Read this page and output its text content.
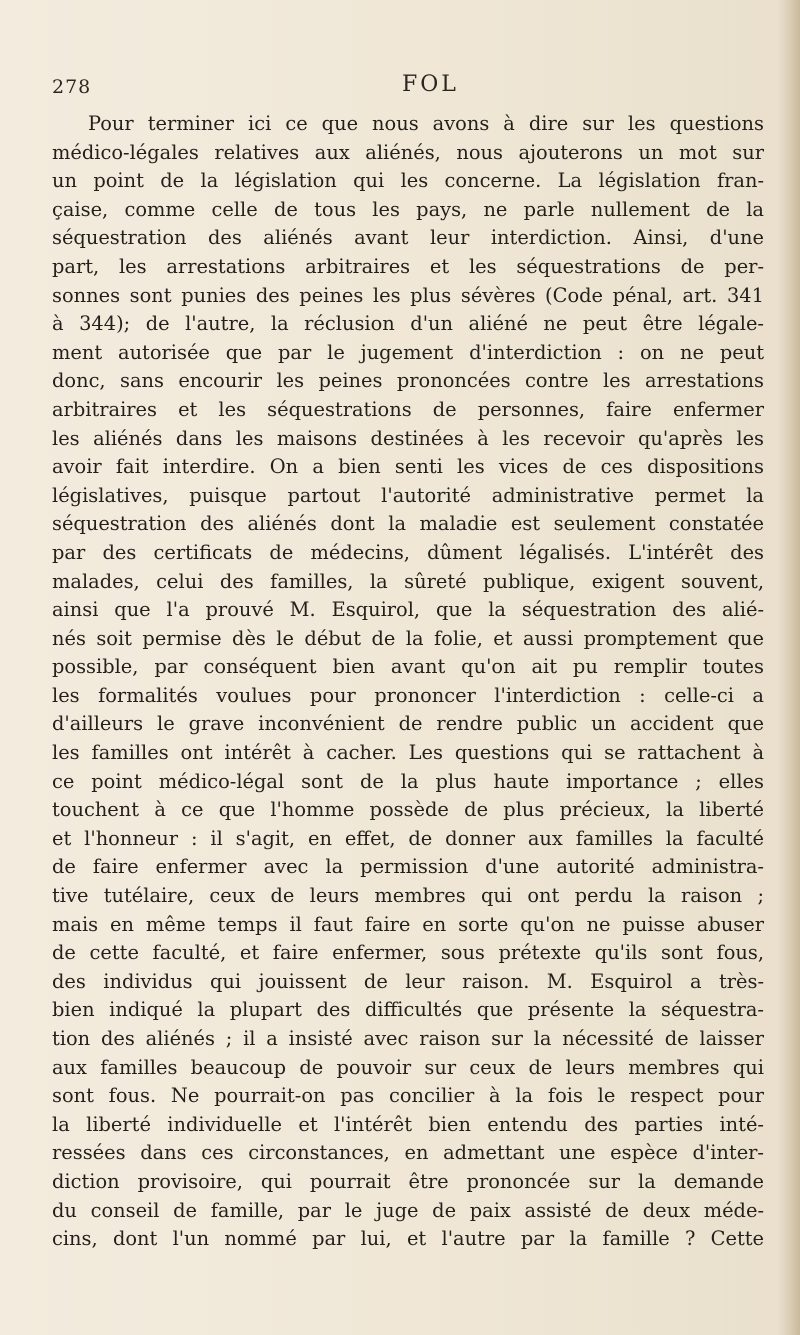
278	FOL
Pour terminer ici ce que nous avons à dire sur les questions
médico-légales relatives aux aliénés, nous ajouterons un mot sur
un point de la législation qui les concerne. La législation fran-
çaise, comme celle de tous les pays, ne parle nullement de la
séquestration des aliénés avant leur interdiction. Ainsi, d'une
part, les arrestations arbitraires et les séquestrations de per-
sonnes sont punies des peines les plus sévères (Code pénal, art. 341
à 344); de l'autre, la réclusion d'un aliéné ne peut être légale-
ment autorisée que par le jugement d'interdiction : on ne peut
donc, sans encourir les peines prononcées contre les arrestations
arbitraires et les séquestrations de personnes, faire enfermer
les aliénés dans les maisons destinées à les recevoir qu'après les
avoir fait interdire. On a bien senti les vices de ces dispositions
législatives, puisque partout l'autorité administrative permet la
séquestration des aliénés dont la maladie est seulement constatée
par des certificats de médecins, dûment légalisés. L'intérêt des
malades, celui des familles, la sûreté publique, exigent souvent,
ainsi que l'a prouvé M. Esquirol, que la séquestration des alié-
nés soit permise dès le début de la folie, et aussi promptement que
possible, par conséquent bien avant qu'on ait pu remplir toutes
les formalités voulues pour prononcer l'interdiction : celle-ci a
d'ailleurs le grave inconvénient de rendre public un accident que
les familles ont intérêt à cacher. Les questions qui se rattachent à
ce point médico-légal sont de la plus haute importance ; elles
touchent à ce que l'homme possède de plus précieux, la liberté
et l'honneur : il s'agit, en effet, de donner aux familles la faculté
de faire enfermer avec la permission d'une autorité administra-
tive tutélaire, ceux de leurs membres qui ont perdu la raison ;
mais en même temps il faut faire en sorte qu'on ne puisse abuser
de cette faculté, et faire enfermer, sous prétexte qu'ils sont fous,
des individus qui jouissent de leur raison. M. Esquirol a très-
bien indiqué la plupart des difficultés que présente la séquestra-
tion des aliénés ; il a insisté avec raison sur la nécessité de laisser
aux familles beaucoup de pouvoir sur ceux de leurs membres qui
sont fous. Ne pourrait-on pas concilier à la fois le respect pour
la liberté individuelle et l'intérêt bien entendu des parties inté-
ressées dans ces circonstances, en admettant une espèce d'inter-
diction provisoire, qui pourrait être prononcée sur la demande
du conseil de famille, par le juge de paix assisté de deux méde-
cins, dont l'un nommé par lui, et l'autre par la famille ? Cette
